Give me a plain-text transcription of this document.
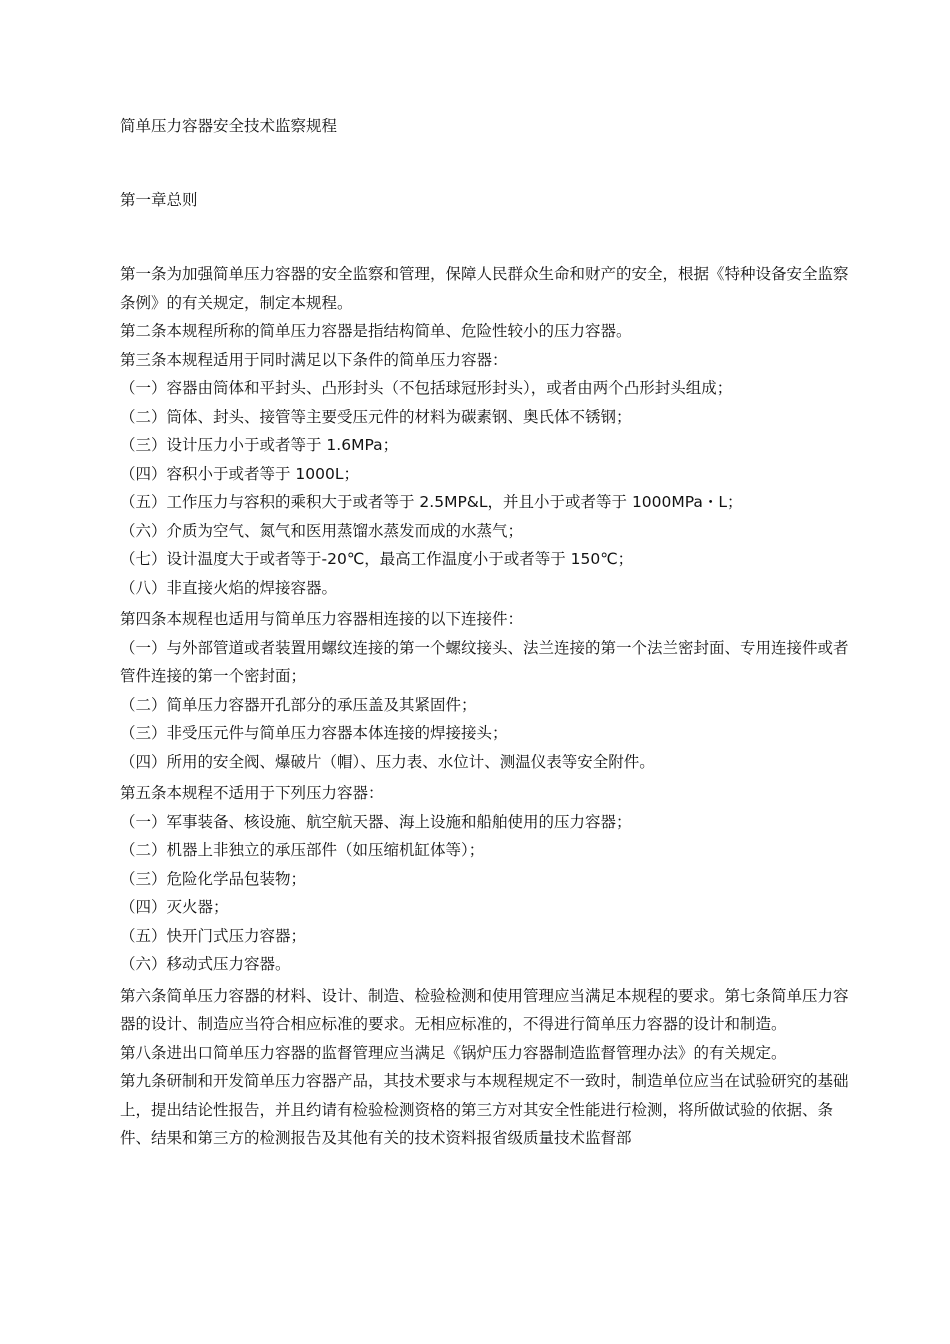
简单压力容器安全技术监察规程
第一章总则

第一条为加强简单压力容器的安全监察和管理，保障人民群众生命和财产的安全，根据《特种设备安全监察条例》的有关规定，制定本规程。

第二条本规程所称的简单压力容器是指结构简单、危险性较小的压力容器。

第三条本规程适用于同时满足以下条件的简单压力容器：

（一）容器由筒体和平封头、凸形封头（不包括球冠形封头），或者由两个凸形封头组成；

（二）筒体、封头、接管等主要受压元件的材料为碳素钢、奥氏体不锈钢；

（三）设计压力小于或者等于 1.6MPa；

（四）容积小于或者等于 1000L；

（五）工作压力与容积的乘积大于或者等于 2.5MP&L，并且小于或者等于 1000MPa・L；

（六）介质为空气、氮气和医用蒸馏水蒸发而成的水蒸气；

（七）设计温度大于或者等于-20℃，最高工作温度小于或者等于 150℃；

（八）非直接火焰的焊接容器。

第四条本规程也适用与简单压力容器相连接的以下连接件：

（一）与外部管道或者装置用螺纹连接的第一个螺纹接头、法兰连接的第一个法兰密封面、专用连接件或者管件连接的第一个密封面；

（二）简单压力容器开孔部分的承压盖及其紧固件；

（三）非受压元件与简单压力容器本体连接的焊接接头；

（四）所用的安全阀、爆破片（帽）、压力表、水位计、测温仪表等安全附件。

第五条本规程不适用于下列压力容器：

（一）军事装备、核设施、航空航天器、海上设施和船舶使用的压力容器；

（二）机器上非独立的承压部件（如压缩机缸体等）；

（三）危险化学品包装物；

（四）灭火器；

（五）快开门式压力容器；

（六）移动式压力容器。

第六条简单压力容器的材料、设计、制造、检验检测和使用管理应当满足本规程的要求。第七条简单压力容器的设计、制造应当符合相应标准的要求。无相应标准的，不得进行简单压力容器的设计和制造。

第八条进出口简单压力容器的监督管理应当满足《锅炉压力容器制造监督管理办法》的有关规定。

第九条研制和开发简单压力容器产品，其技术要求与本规程规定不一致时，制造单位应当在试验研究的基础上，提出结论性报告，并且约请有检验检测资格的第三方对其安全性能进行检测，将所做试验的依据、条件、结果和第三方的检测报告及其他有关的技术资料报省级质量技术监督部
